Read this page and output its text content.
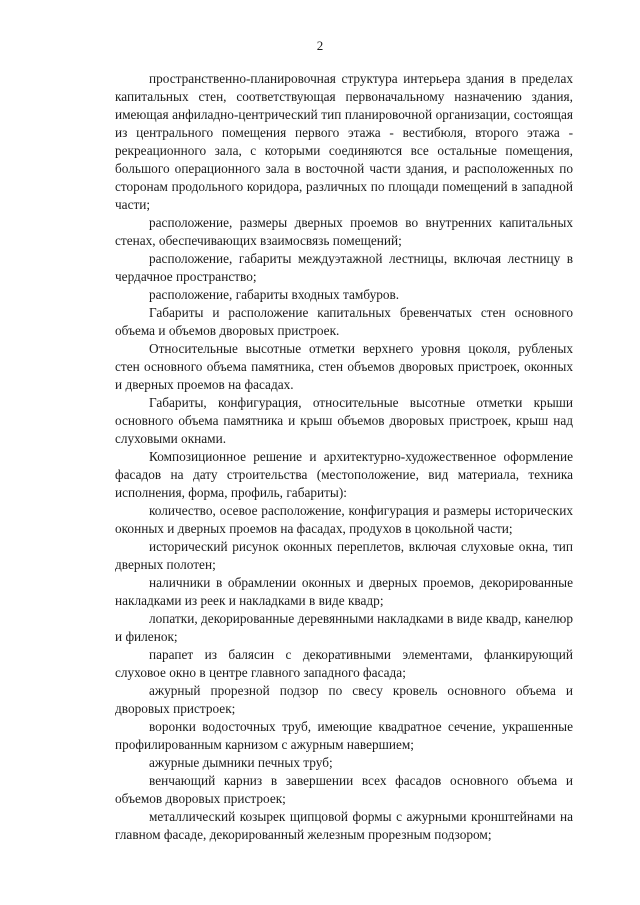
2

пространственно-планировочная структура интерьера здания в пределах капитальных стен, соответствующая первоначальному назначению здания, имеющая анфиладно-центрический тип планировочной организации, состоящая из центрального помещения первого этажа - вестибюля, второго этажа - рекреационного зала, с которыми соединяются все остальные помещения, большого операционного зала в восточной части здания, и расположенных по сторонам продольного коридора, различных по площади помещений в западной части;

расположение, размеры дверных проемов во внутренних капитальных стенах, обеспечивающих взаимосвязь помещений;

расположение, габариты междуэтажной лестницы, включая лестницу в чердачное пространство;

расположение, габариты входных тамбуров.

Габариты и расположение капитальных бревенчатых стен основного объема и объемов дворовых пристроек.

Относительные высотные отметки верхнего уровня цоколя, рубленых стен основного объема памятника, стен объемов дворовых пристроек, оконных и дверных проемов на фасадах.

Габариты, конфигурация, относительные высотные отметки крыши основного объема памятника и крыш объемов дворовых пристроек, крыш над слуховыми окнами.

Композиционное решение и архитектурно-художественное оформление фасадов на дату строительства (местоположение, вид материала, техника исполнения, форма, профиль, габариты):

количество, осевое расположение, конфигурация и размеры исторических оконных и дверных проемов на фасадах, продухов в цокольной части;

исторический рисунок оконных переплетов, включая слуховые окна, тип дверных полотен;

наличники в обрамлении оконных и дверных проемов, декорированные накладками из реек и накладками в виде квадр;

лопатки, декорированные деревянными накладками в виде квадр, канелюр и филенок;

парапет из балясин с декоративными элементами, фланкирующий слуховое окно в центре главного западного фасада;

ажурный прорезной подзор по свесу кровель основного объема и дворовых пристроек;

воронки водосточных труб, имеющие квадратное сечение, украшенные профилированным карнизом с ажурным навершием;

ажурные дымники печных труб;

венчающий карниз в завершении всех фасадов основного объема и объемов дворовых пристроек;

металлический козырек щипцовой формы с ажурными кронштейнами на главном фасаде, декорированный железным прорезным подзором;
